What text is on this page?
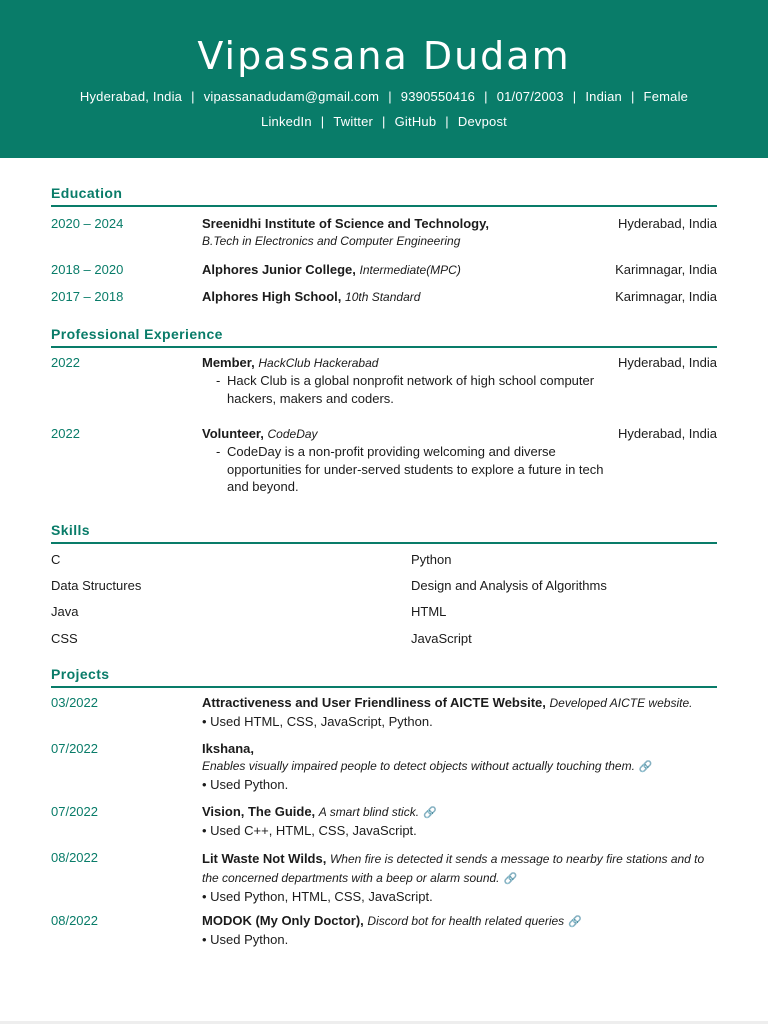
Vipassana Dudam
Hyderabad, India | vipassanadudam@gmail.com | 9390550416 | 01/07/2003 | Indian | Female
LinkedIn | Twitter | GitHub | Devpost
Education
2020 – 2024	Sreenidhi Institute of Science and Technology,
B.Tech in Electronics and Computer Engineering
Hyderabad, India
2018 – 2020	Alphores Junior College, Intermediate(MPC)	Karimnagar, India
2017 – 2018	Alphores High School, 10th Standard	Karimnagar, India
Professional Experience
2022	Member, HackClub Hackerabad
- Hack Club is a global nonprofit network of high school computer hackers, makers and coders.
Hyderabad, India
2022	Volunteer, CodeDay
- CodeDay is a non-profit providing welcoming and diverse opportunities for under-served students to explore a future in tech and beyond.
Hyderabad, India
Skills
C	Python
Data Structures	Design and Analysis of Algorithms
Java	HTML
CSS	JavaScript
Projects
03/2022	Attractiveness and User Friendliness of AICTE Website, Developed AICTE website.
• Used HTML, CSS, JavaScript, Python.
07/2022	Ikshana,
Enables visually impaired people to detect objects without actually touching them. 🔗
• Used Python.
07/2022	Vision, The Guide, A smart blind stick. 🔗
• Used C++, HTML, CSS, JavaScript.
08/2022	Lit Waste Not Wilds, When fire is detected it sends a message to nearby fire stations and to the concerned departments with a beep or alarm sound. 🔗
• Used Python, HTML, CSS, JavaScript.
08/2022	MODOK (My Only Doctor), Discord bot for health related queries 🔗
• Used Python.
